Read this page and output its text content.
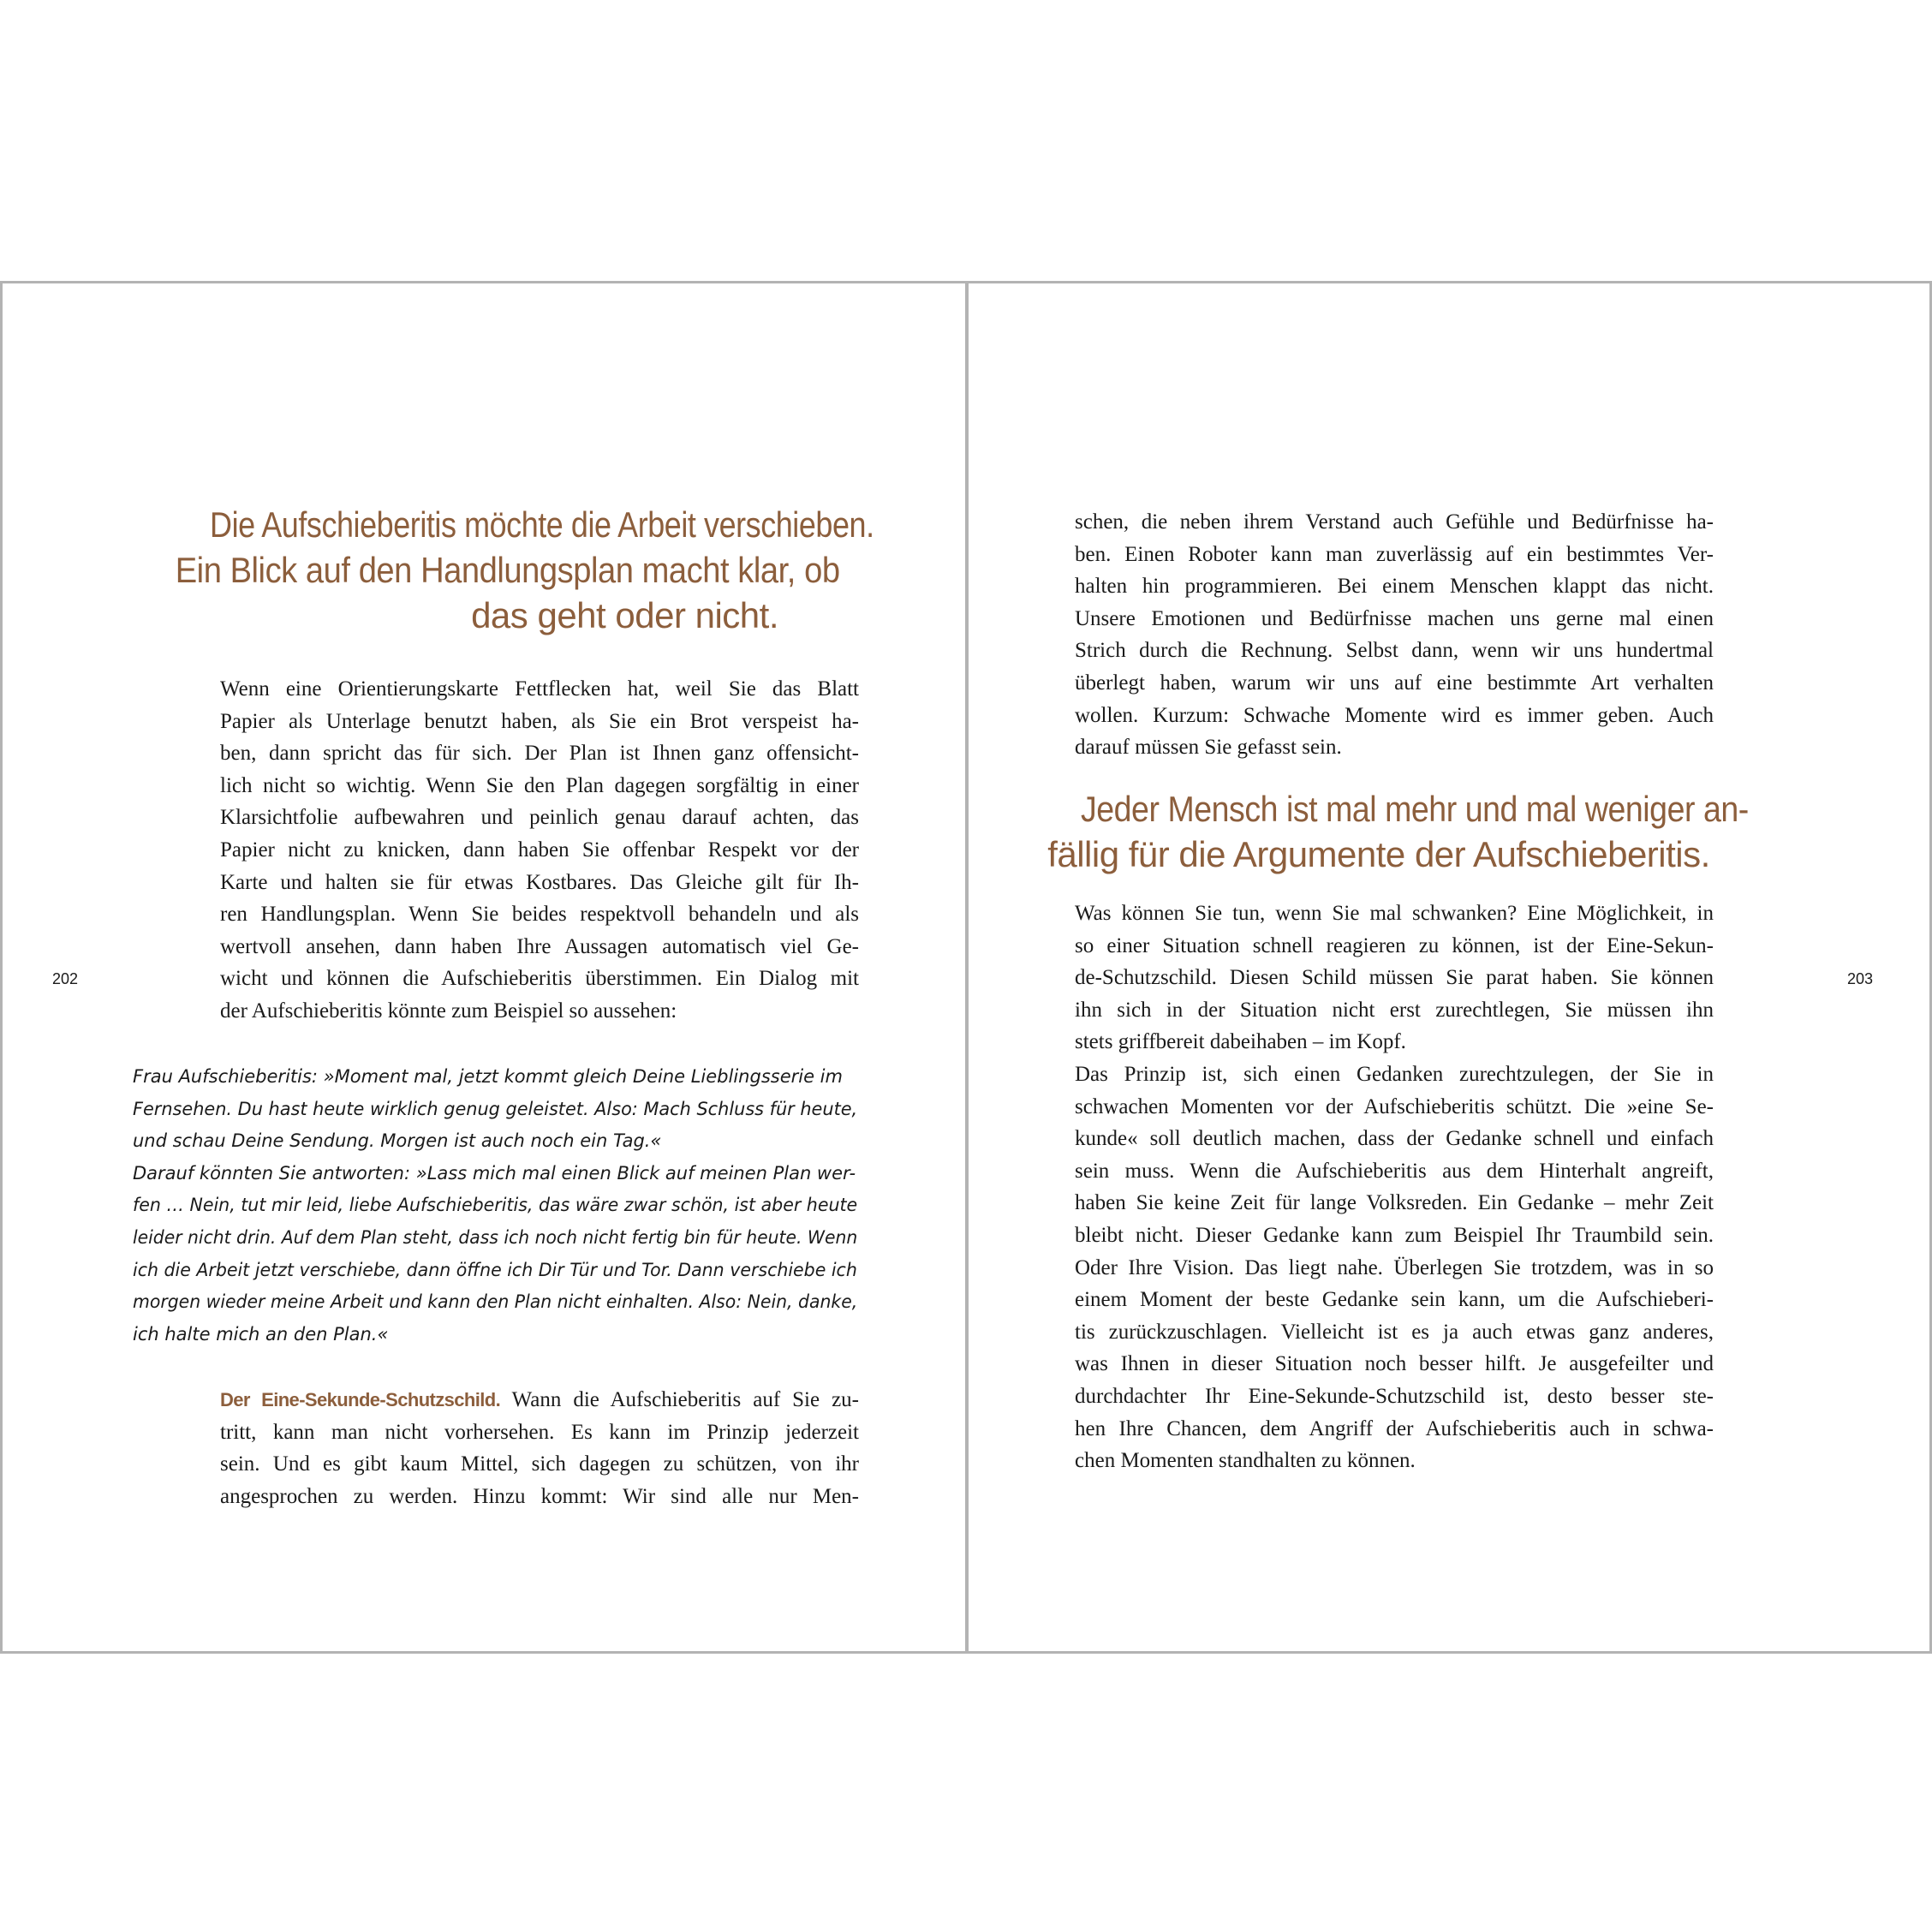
202
Die Aufschieberitis möchte die Arbeit verschieben.
Ein Blick auf den Handlungsplan macht klar, ob
das geht oder nicht.

Wenn eine Orientierungskarte Fettflecken hat, weil Sie das Blatt
Papier als Unterlage benutzt haben, als Sie ein Brot verspeist ha-
ben, dann spricht das für sich. Der Plan ist Ihnen ganz offensicht-
lich nicht so wichtig. Wenn Sie den Plan dagegen sorgfältig in einer
Klarsichtfolie aufbewahren und peinlich genau darauf achten, das
Papier nicht zu knicken, dann haben Sie offenbar Respekt vor der
Karte und halten sie für etwas Kostbares. Das Gleiche gilt für Ih-
ren Handlungsplan. Wenn Sie beides respektvoll behandeln und als
wertvoll ansehen, dann haben Ihre Aussagen automatisch viel Ge-
wicht und können die Aufschieberitis überstimmen. Ein Dialog mit
der Aufschieberitis könnte zum Beispiel so aussehen:

Frau Aufschieberitis: »Moment mal, jetzt kommt gleich Deine Lieblingsserie im
Fernsehen. Du hast heute wirklich genug geleistet. Also: Mach Schluss für heute,
und schau Deine Sendung. Morgen ist auch noch ein Tag.«
Darauf könnten Sie antworten: »Lass mich mal einen Blick auf meinen Plan wer-
fen … Nein, tut mir leid, liebe Aufschieberitis, das wäre zwar schön, ist aber heute
leider nicht drin. Auf dem Plan steht, dass ich noch nicht fertig bin für heute. Wenn
ich die Arbeit jetzt verschiebe, dann öffne ich Dir Tür und Tor. Dann verschiebe ich
morgen wieder meine Arbeit und kann den Plan nicht einhalten. Also: Nein, danke,
ich halte mich an den Plan.«

Der Eine-Sekunde-Schutzschild. Wann die Aufschieberitis auf Sie zu-
tritt, kann man nicht vorhersehen. Es kann im Prinzip jederzeit
sein. Und es gibt kaum Mittel, sich dagegen zu schützen, von ihr
angesprochen zu werden. Hinzu kommt: Wir sind alle nur Men-

203

schen, die neben ihrem Verstand auch Gefühle und Bedürfnisse ha-
ben. Einen Roboter kann man zuverlässig auf ein bestimmtes Ver-
halten hin programmieren. Bei einem Menschen klappt das nicht.
Unsere Emotionen und Bedürfnisse machen uns gerne mal einen
Strich durch die Rechnung. Selbst dann, wenn wir uns hundertmal
überlegt haben, warum wir uns auf eine bestimmte Art verhalten
wollen. Kurzum: Schwache Momente wird es immer geben. Auch
darauf müssen Sie gefasst sein.

Jeder Mensch ist mal mehr und mal weniger an-
fällig für die Argumente der Aufschieberitis.

Was können Sie tun, wenn Sie mal schwanken? Eine Möglichkeit, in
so einer Situation schnell reagieren zu können, ist der Eine-Sekun-
de-Schutzschild. Diesen Schild müssen Sie parat haben. Sie können
ihn sich in der Situation nicht erst zurechtlegen, Sie müssen ihn
stets griffbereit dabeihaben – im Kopf.
Das Prinzip ist, sich einen Gedanken zurechtzulegen, der Sie in
schwachen Momenten vor der Aufschieberitis schützt. Die »eine Se-
kunde« soll deutlich machen, dass der Gedanke schnell und einfach
sein muss. Wenn die Aufschieberitis aus dem Hinterhalt angreift,
haben Sie keine Zeit für lange Volksreden. Ein Gedanke – mehr Zeit
bleibt nicht. Dieser Gedanke kann zum Beispiel Ihr Traumbild sein.
Oder Ihre Vision. Das liegt nahe. Überlegen Sie trotzdem, was in so
einem Moment der beste Gedanke sein kann, um die Aufschieberi-
tis zurückzuschlagen. Vielleicht ist es ja auch etwas ganz anderes,
was Ihnen in dieser Situation noch besser hilft. Je ausgefeilter und
durchdachter Ihr Eine-Sekunde-Schutzschild ist, desto besser ste-
hen Ihre Chancen, dem Angriff der Aufschieberitis auch in schwa-
chen Momenten standhalten zu können.
